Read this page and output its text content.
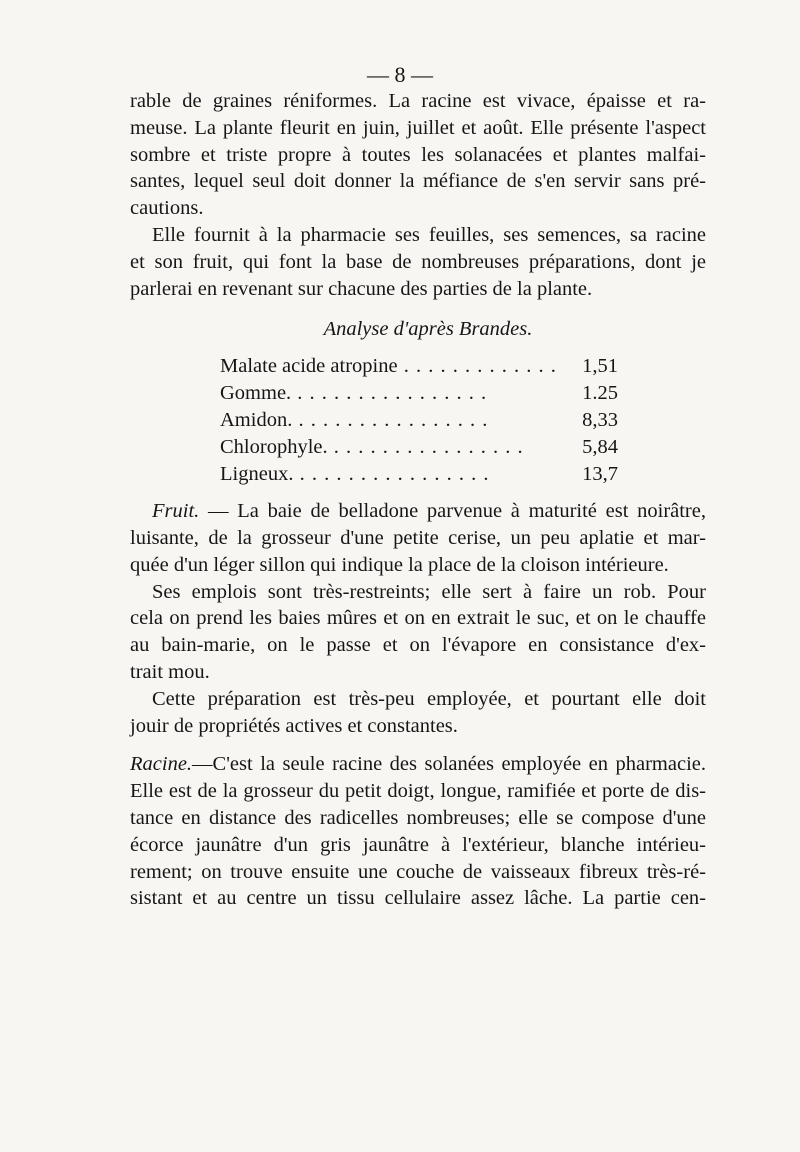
— 8 —
rable de graines réniformes. La racine est vivace, épaisse et ra-
meuse. La plante fleurit en juin, juillet et août. Elle présente l'aspect
sombre et triste propre à toutes les solanacées et plantes malfai-
santes, lequel seul doit donner la méfiance de s'en servir sans pré-
cautions.
Elle fournit à la pharmacie ses feuilles, ses semences, sa racine
et son fruit, qui font la base de nombreuses préparations, dont je
parlerai en revenant sur chacune des parties de la plante.
Analyse d'après Brandes.
Malate acide atropine . .	1,51
Gomme. . .	1.25
Amidon. . .	8,33
Chlorophyle. . .	5,84
Ligneux. . .	13,7
Fruit. — La baie de belladone parvenue à maturité est noirâtre,
luisante, de la grosseur d'une petite cerise, un peu aplatie et mar-
quée d'un léger sillon qui indique la place de la cloison intérieure.
Ses emplois sont très-restreints; elle sert à faire un rob. Pour
cela on prend les baies mûres et on en extrait le suc, et on le chauffe
au bain-marie, on le passe et on l'évapore en consistance d'ex-
trait mou.
Cette préparation est très-peu employée, et pourtant elle doit
jouir de propriétés actives et constantes.
Racine.—C'est la seule racine des solanées employée en pharmacie.
Elle est de la grosseur du petit doigt, longue, ramifiée et porte de dis-
tance en distance des radicelles nombreuses; elle se compose d'une
écorce jaunâtre d'un gris jaunâtre à l'extérieur, blanche intérieu-
rement; on trouve ensuite une couche de vaisseaux fibreux très-ré-
sistant et au centre un tissu cellulaire assez lâche. La partie cen-
